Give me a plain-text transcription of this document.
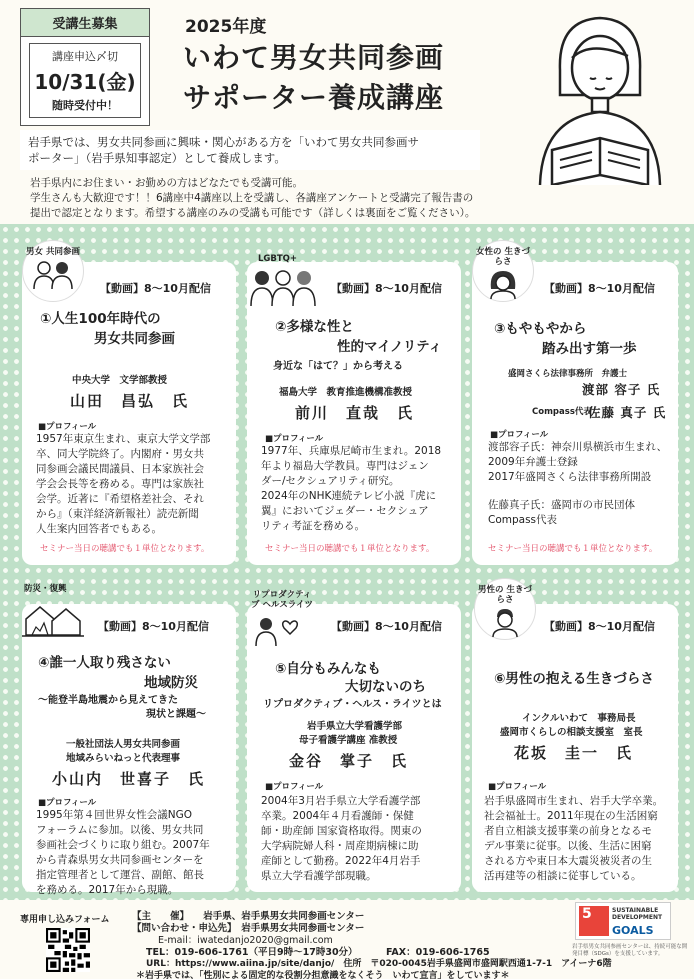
受講生募集
講座申込〆切
10/31(金)
随時受付中！
2025年度
いわて男女共同参画
サポーター養成講座
岩手県では、男女共同参画に興味・関心がある方を「いわて男女共同参画サ
ポーター」（岩手県知事認定）として養成します。
岩手県内にお住まい・お勤めの方はどなたでも受講可能。
学生さんも大歓迎です！！6講座中4講座以上を受講し、各講座アンケートと受講完了報告書の
提出で認定となります。希望する講座のみの受講も可能です（詳しくは裏面をご覧ください）。
【動画】8～10月配信
①人生100年時代の
男女共同参画
中央大学　文学部教授
山田　昌弘　氏
■プロフィール
1957年東京生まれ、東京大学文学部
卒、同大学院終了。内閣府・男女共
同参画会議民間議員、日本家族社会
学会会長等を務める。専門は家族社
会学。近著に『希望格差社会、それ
から』（東洋経済新報社）読売新聞
人生案内回答者でもある。
セミナー当日の聴講でも１単位となります。
男女 共同参画
【動画】8～10月配信
②多様な性と
性的マイノリティ
身近な「はて？」から考える
福島大学　教育推進機構准教授
前川　直哉　氏
■プロフィール
1977年、兵庫県尼崎市生まれ。2018
年より福島大学教員。専門はジェン
ダー/セクシュアリティ研究。
2024年のNHK連続テレビ小説『虎に
翼』においてジェダー・セクシュア
リティ考証を務める。
セミナー当日の聴講でも１単位となります。
LGBTQ+
【動画】8～10月配信
③もやもやから
踏み出す第一歩
盛岡さくら法律事務所　弁護士
渡部 容子 氏
Compass代表
佐藤 真子 氏
■プロフィール
渡部容子氏：神奈川県横浜市生まれ、
2009年弁護士登録
2017年盛岡さくら法律事務所開設
佐藤真子氏：盛岡市の市民団体
Compass代表
セミナー当日の聴講でも１単位となります。
女性の 生きづらさ
【動画】8～10月配信
④誰一人取り残さない
地域防災
～能登半島地震から見えてきた
現状と課題～
一般社団法人男女共同参画
地域みらいねっと代表理事
小山内　世喜子　氏
■プロフィール
1995年第４回世界女性会議NGO
フォーラムに参加。以後、男女共同
参画社会づくりに取り組む。2007年
から青森県男女共同参画センターを
指定管理者として運営、副館、館長
を務める。2017年から現職。
防災・復興
【動画】8～10月配信
⑤自分もみんなも
大切ないのち
リプロダクティブ・ヘルス・ライツとは
岩手県立大学看護学部
母子看護学講座 准教授
金谷　掌子　氏
■プロフィール
2004年3月岩手県立大学看護学部
卒業。2004年４月看護師・保健
師・助産師 国家資格取得。関東の
大学病院婦人科・周産期病棟に助
産師として勤務。2022年4月岩手
県立大学看護学部現職。
リプロダクティブ ヘルスライツ
【動画】8～10月配信
⑥男性の抱える生きづらさ
インクルいわて　事務局長
盛岡市くらしの相談支援室　室長
花坂　圭一　氏
■プロフィール
岩手県盛岡市生まれ、岩手大学卒業。
社会福祉士。2011年現在の生活困窮
者自立相談支援事業の前身となるモ
デル事業に従事。以後、生活に困窮
される方や東日本大震災被災者の生
活再建等の相談に従事している。
男性の 生きづらさ
専用申し込みフォーム 【主　　催】　　岩手県、岩手県男女共同参画センター
【問い合わせ・申込先】　岩手県男女共同参画センター
E-mail：iwatedanjo2020@gmail.com
TEL：019-606-1761（平日9時～17時30分）	FAX：019-606-1765
URL：https://www.aiina.jp/site/danjo/　住所　〒020-0045岩手県盛岡市盛岡駅西通1-7-1　アイーナ6階
＊岩手県では、「性別による固定的な役割分担意識をなくそう　いわて宣言」をしています＊
5	SUSTAINABLE DEVELOPMENT
GOALS
岩手県男女共同参画センターは、持続可能な開発目標（SDGs）を支援しています。
